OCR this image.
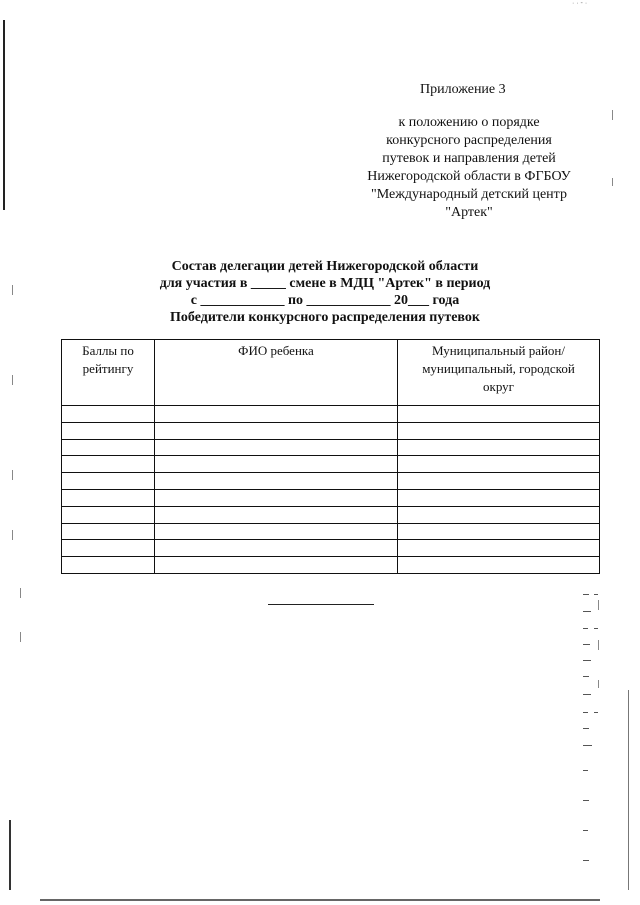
· · - ·
Приложение 3
к положению о порядке
конкурсного распределения
путевок и направления детей
Нижегородской области в ФГБОУ
"Международный детский центр
"Артек"
Состав делегации детей Нижегородской области
для участия в _____ смене в МДЦ "Артек" в период
с ____________ по ____________ 20___ года
Победители конкурсного распределения путевок
Баллы по рейтингу	ФИО ребенка	Муниципальный район/муниципальный, городской округ
